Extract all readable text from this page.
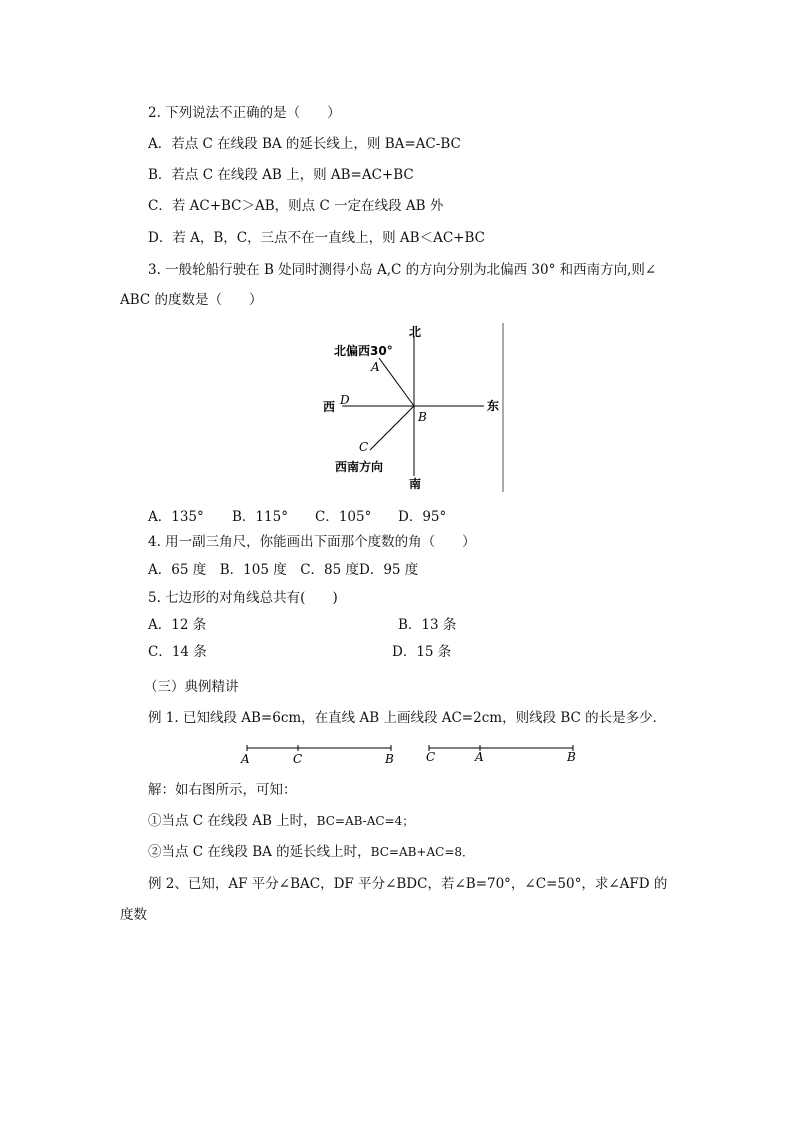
2. 下列说法不正确的是（　　）
A．若点 C 在线段 BA 的延长线上，则 BA=AC-BC
B．若点 C 在线段 AB 上，则 AB=AC+BC
C．若 AC+BC＞AB，则点 C 一定在线段 AB 外
D．若 A，B，C，三点不在一直线上，则 AB＜AC+BC
3. 一般轮船行驶在 B 处同时测得小岛 A,C 的方向分别为北偏西 30° 和西南方向,则∠
ABC 的度数是（　　）
北
南
东
西
北偏西30°
西南方向
A
B
C
D
A．135° B．115° C．105° D．95°
4. 用一副三角尺，你能画出下面那个度数的角（　　）
A．65 度　B．105 度　C．85 度D．95 度
5. 七边形的对角线总共有(　　)
A．12 条	B．13 条
C．14 条	D．15 条
（三）典例精讲
例 1. 已知线段 AB=6cm，在直线 AB 上画线段 AC=2cm，则线段 BC 的长是多少．
A	C	B	C	A	B
解：如右图所示，可知：
①当点 C 在线段 AB 上时，BC=AB-AC=4；
②当点 C 在线段 BA 的延长线上时，BC=AB+AC=8．
例 2、已知，AF 平分∠BAC，DF 平分∠BDC，若∠B=70°，∠C=50°，求∠AFD 的
度数
